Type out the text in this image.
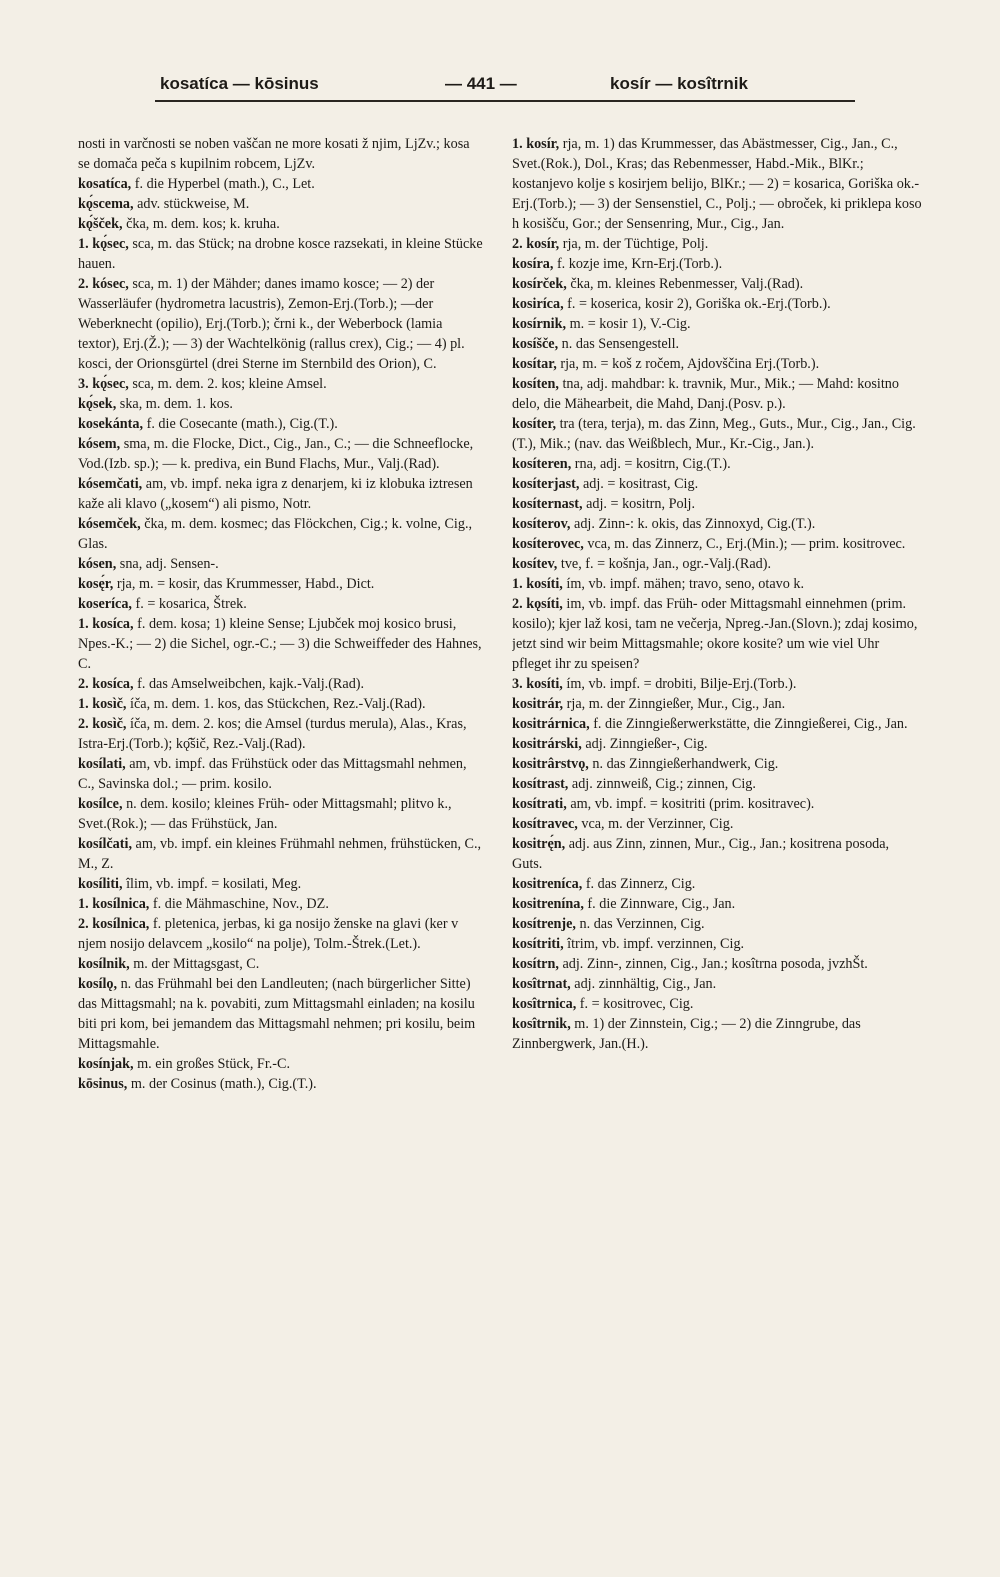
kosatíca — kōsinus	— 441 —	kosír — kosîtrnik

nosti in varčnosti se noben vaščan ne more kosati ž njim, LjZv.; kosa se domača peča s kupilnim robcem, LjZv.

kosatíca, f. die Hyperbel (math.), C., Let.

kǫ́scema, adv. stückweise, M.

kǫ́šček, čka, m. dem. kos; k. kruha.

1. kǫ́sec, sca, m. das Stück; na drobne kosce razsekati, in kleine Stücke hauen.

2. kósec, sca, m. 1) der Mähder; danes imamo kosce; — 2) der Wasserläufer (hydrometra lacustris), Zemon-Erj.(Torb.); —der Weberknecht (opilio), Erj.(Torb.); črni k., der Weberbock (lamia textor), Erj.(Ž.); — 3) der Wachtelkönig (rallus crex), Cig.; — 4) pl. kosci, der Orionsgürtel (drei Sterne im Sternbild des Orion), C.

3. kǫ́sec, sca, m. dem. 2. kos; kleine Amsel.

kǫ́sek, ska, m. dem. 1. kos.

kosekánta, f. die Cosecante (math.), Cig.(T.).

kósem, sma, m. die Flocke, Dict., Cig., Jan., C.; — die Schneeflocke, Vod.(Izb. sp.); — k. prediva, ein Bund Flachs, Mur., Valj.(Rad).

kósemčati, am, vb. impf. neka igra z denarjem, ki iz klobuka iztresen kaže ali klavo („kosem“) ali pismo, Notr.

kósemček, čka, m. dem. kosmec; das Flöckchen, Cig.; k. volne, Cig., Glas.

kósen, sna, adj. Sensen-.

kosę́r, rja, m. = kosir, das Krummesser, Habd., Dict.

koseríca, f. = kosarica, Štrek.

1. kosíca, f. dem. kosa; 1) kleine Sense; Ljubček moj kosico brusi, Npes.-K.; — 2) die Sichel, ogr.-C.; — 3) die Schweiffeder des Hahnes, C.

2. kosíca, f. das Amselweibchen, kajk.-Valj.(Rad).

1. kosìč, íča, m. dem. 1. kos, das Stückchen, Rez.-Valj.(Rad).

2. kosìč, íča, m. dem. 2. kos; die Amsel (turdus merula), Alas., Kras, Istra-Erj.(Torb.); kǫ̑šič, Rez.-Valj.(Rad).

kosílati, am, vb. impf. das Frühstück oder das Mittagsmahl nehmen, C., Savinska dol.; — prim. kosilo.

kosílce, n. dem. kosilo; kleines Früh- oder Mittagsmahl; plitvo k., Svet.(Rok.); — das Frühstück, Jan.

kosílčati, am, vb. impf. ein kleines Frühmahl nehmen, frühstücken, C., M., Z.

kosíliti, îlim, vb. impf. = kosilati, Meg.

1. kosílnica, f. die Mähmaschine, Nov., DZ.

2. kosílnica, f. pletenica, jerbas, ki ga nosijo ženske na glavi (ker v njem nosijo delavcem „kosilo“ na polje), Tolm.-Štrek.(Let.).

kosílnik, m. der Mittagsgast, C.

kosílǫ, n. das Frühmahl bei den Landleuten; (nach bürgerlicher Sitte) das Mittagsmahl; na k. povabiti, zum Mittagsmahl einladen; na kosilu biti pri kom, bei jemandem das Mittagsmahl nehmen; pri kosilu, beim Mittagsmahle.

kosínjak, m. ein großes Stück, Fr.-C.

kōsinus, m. der Cosinus (math.), Cig.(T.).

1. kosír, rja, m. 1) das Krummesser, das Abästmesser, Cig., Jan., C., Svet.(Rok.), Dol., Kras; das Rebenmesser, Habd.-Mik., BlKr.; kostanjevo kolje s kosirjem belijo, BlKr.; — 2) = kosarica, Goriška ok.-Erj.(Torb.); — 3) der Sensenstiel, C., Polj.; — obroček, ki priklepa koso h kosišču, Gor.; der Sensenring, Mur., Cig., Jan.

2. kosír, rja, m. der Tüchtige, Polj.

kosíra, f. kozje ime, Krn-Erj.(Torb.).

kosírček, čka, m. kleines Rebenmesser, Valj.(Rad).

kosiríca, f. = koserica, kosir 2), Goriška ok.-Erj.(Torb.).

kosírnik, m. = kosir 1), V.-Cig.

kosíšče, n. das Sensengestell.

kosítar, rja, m. = koš z ročem, Ajdovščina Erj.(Torb.).

kosíten, tna, adj. mahdbar: k. travnik, Mur., Mik.; — Mahd: kositno delo, die Mähearbeit, die Mahd, Danj.(Posv. p.).

kosíter, tra (tera, terja), m. das Zinn, Meg., Guts., Mur., Cig., Jan., Cig.(T.), Mik.; (nav. das Weißblech, Mur., Kr.-Cig., Jan.).

kosíteren, rna, adj. = kositrn, Cig.(T.).

kosíterjast, adj. = kositrast, Cig.

kosíternast, adj. = kositrn, Polj.

kosíterov, adj. Zinn-: k. okis, das Zinnoxyd, Cig.(T.).

kosíterovec, vca, m. das Zinnerz, C., Erj.(Min.); — prim. kositrovec.

kosítev, tve, f. = košnja, Jan., ogr.-Valj.(Rad).

1. kosíti, ím, vb. impf. mähen; travo, seno, otavo k.

2. kǫsíti, im, vb. impf. das Früh- oder Mittagsmahl einnehmen (prim. kosilo); kjer laž kosi, tam ne večerja, Npreg.-Jan.(Slovn.); zdaj kosimo, jetzt sind wir beim Mittagsmahle; okore kosite? um wie viel Uhr pfleget ihr zu speisen?

3. kosíti, ím, vb. impf. = drobiti, Bilje-Erj.(Torb.).

kositrár, rja, m. der Zinngießer, Mur., Cig., Jan.

kositrárnica, f. die Zinngießerwerkstätte, die Zinngießerei, Cig., Jan.

kositrárski, adj. Zinngießer-, Cig.

kositrârstvǫ, n. das Zinngießerhandwerk, Cig.

kosítrast, adj. zinnweiß, Cig.; zinnen, Cig.

kosítrati, am, vb. impf. = kositriti (prim. kositravec).

kosítravec, vca, m. der Verzinner, Cig.

kositrę́n, adj. aus Zinn, zinnen, Mur., Cig., Jan.; kositrena posoda, Guts.

kositreníca, f. das Zinnerz, Cig.

kositrenína, f. die Zinnware, Cig., Jan.

kosítrenje, n. das Verzinnen, Cig.

kosítriti, îtrim, vb. impf. verzinnen, Cig.

kosítrn, adj. Zinn-, zinnen, Cig., Jan.; kosîtrna posoda, jvzhŠt.

kosîtrnat, adj. zinnhältig, Cig., Jan.

kosîtrnica, f. = kositrovec, Cig.

kosîtrnik, m. 1) der Zinnstein, Cig.; — 2) die Zinngrube, das Zinnbergwerk, Jan.(H.).
